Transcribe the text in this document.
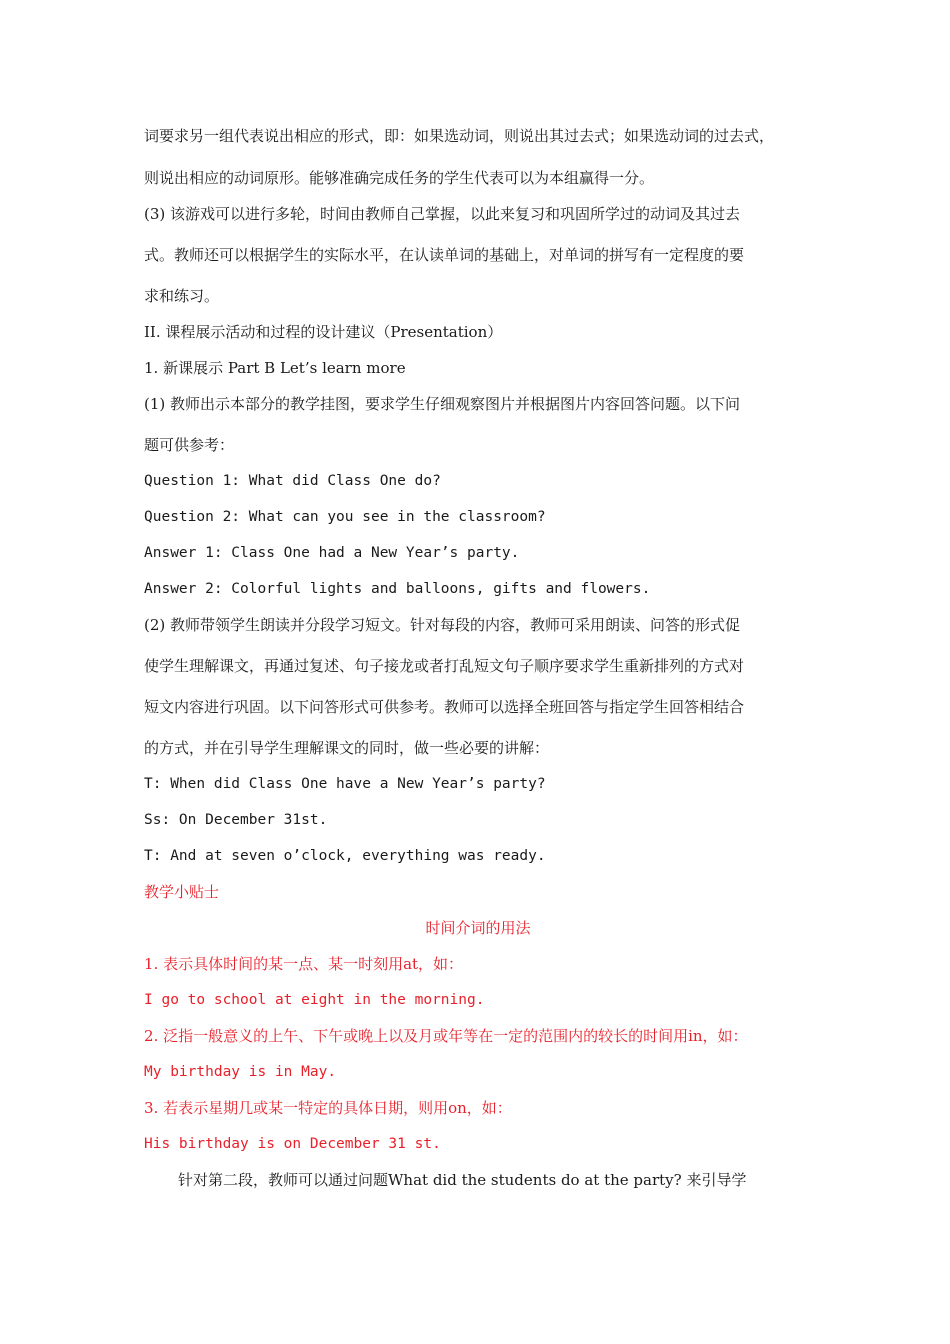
词要求另一组代表说出相应的形式，即：如果选动词，则说出其过去式；如果选动词的过去式，
则说出相应的动词原形。能够准确完成任务的学生代表可以为本组赢得一分。
(3) 该游戏可以进行多轮，时间由教师自己掌握，以此来复习和巩固所学过的动词及其过去
式。教师还可以根据学生的实际水平，在认读单词的基础上，对单词的拼写有一定程度的要
求和练习。
II. 课程展示活动和过程的设计建议（Presentation）
1. 新课展示 Part B Let’s learn more
(1) 教师出示本部分的教学挂图，要求学生仔细观察图片并根据图片内容回答问题。以下问
题可供参考：
Question 1: What did Class One do?
Question 2: What can you see in the classroom?
Answer 1: Class One had a New Year’s party.
Answer 2: Colorful lights and balloons, gifts and flowers.
(2) 教师带领学生朗读并分段学习短文。针对每段的内容，教师可采用朗读、问答的形式促
使学生理解课文，再通过复述、句子接龙或者打乱短文句子顺序要求学生重新排列的方式对
短文内容进行巩固。以下问答形式可供参考。教师可以选择全班回答与指定学生回答相结合
的方式，并在引导学生理解课文的同时，做一些必要的讲解：
T: When did Class One have a New Year’s party?
Ss: On December 31st.
T: And at seven o’clock, everything was ready.
教学小贴士
时间介词的用法
1. 表示具体时间的某一点、某一时刻用at，如：
I go to school at eight in the morning.
2. 泛指一般意义的上午、下午或晚上以及月或年等在一定的范围内的较长的时间用in，如：
My birthday is in May.
3. 若表示星期几或某一特定的具体日期，则用on，如：
His birthday is on December 31 st.
针对第二段，教师可以通过问题What did the students do at the party? 来引导学
